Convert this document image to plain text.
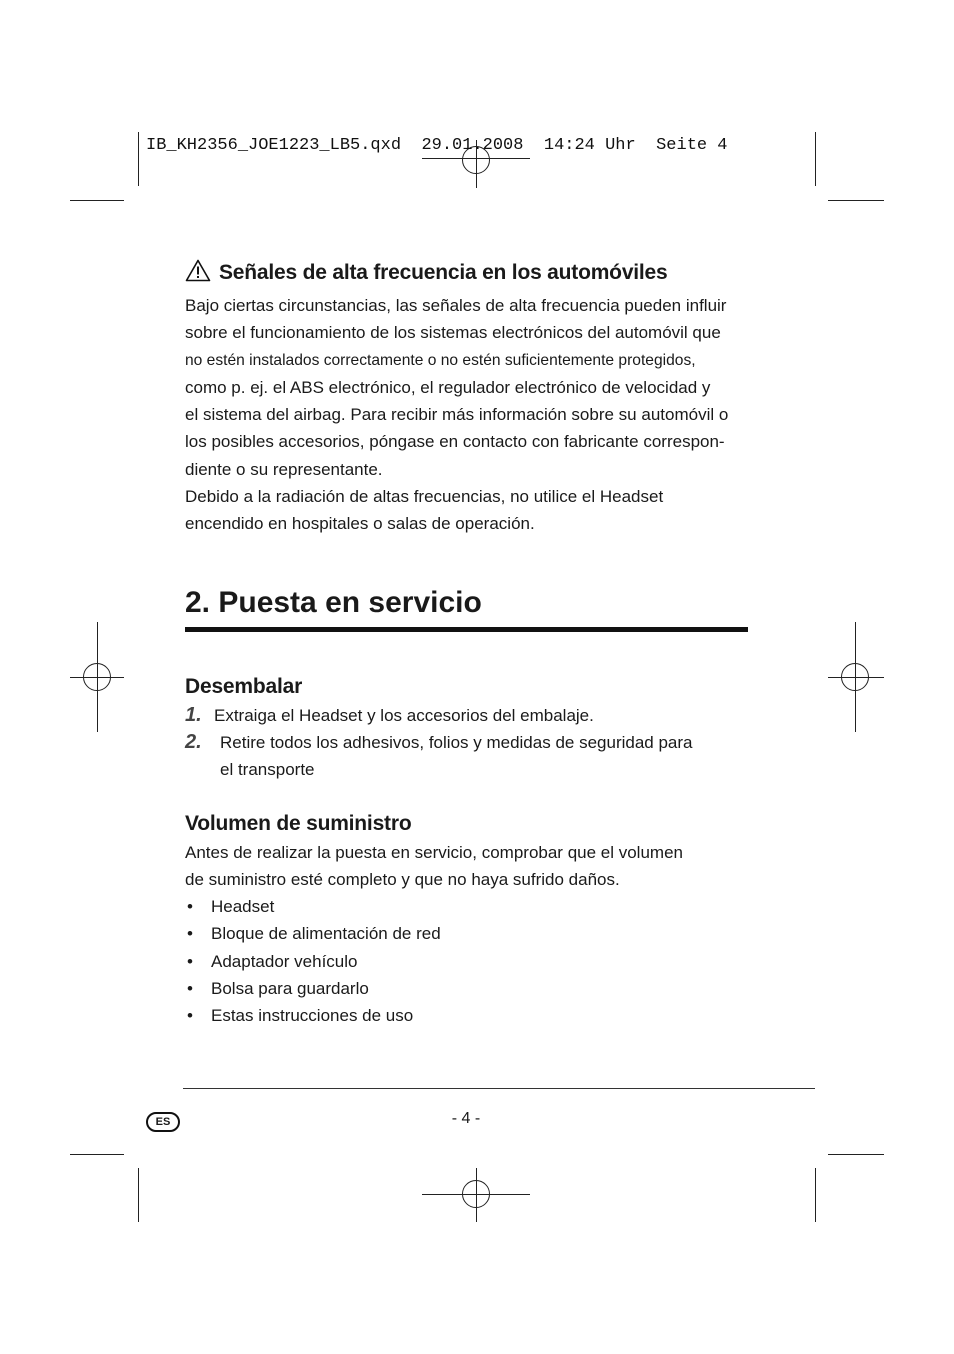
IB_KH2356_JOE1223_LB5.qxd  29.01.2008  14:24 Uhr  Seite 4
Señales de alta frecuencia en los automóviles

Bajo ciertas circunstancias, las señales de alta frecuencia pueden influir

sobre el funcionamiento de los sistemas electrónicos del automóvil que

no estén instalados correctamente o no estén suficientemente protegidos,

como p. ej. el ABS electrónico, el regulador electrónico de velocidad y

el sistema del airbag. Para recibir más información sobre su automóvil o

los posibles accesorios, póngase en contacto con fabricante correspon-

diente o su representante.

Debido a la radiación de altas frecuencias, no utilice el Headset

encendido en hospitales o salas de operación.

2. Puesta en servicio
Desembalar
1. Extraiga el Headset y los accesorios del embalaje.
2.	Retire todos los adhesivos, folios y medidas de seguridad para
el transporte
Volumen de suministro

Antes de realizar la puesta en servicio, comprobar que el volumen

de suministro esté completo y que no haya sufrido daños.

•	Headset
•	Bloque de alimentación de red
•	Adaptador vehículo
•	Bolsa para guardarlo
•	Estas instrucciones de uso
ES	- 4 -
